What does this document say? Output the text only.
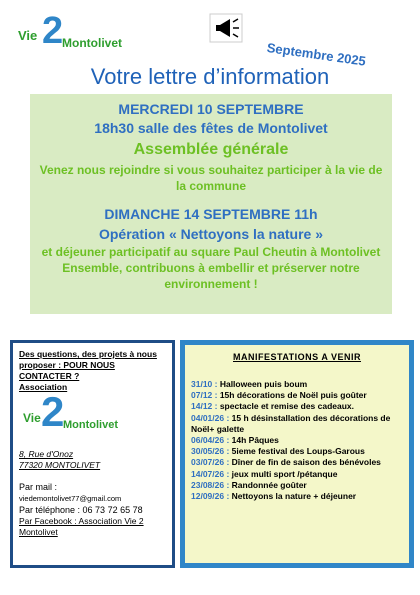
Vie 2
Montolivet	Septembre 2025
Votre lettre d’information
MERCREDI 10 SEPTEMBRE
18h30 salle des fêtes de Montolivet
Assemblée générale
Venez nous rejoindre si vous souhaitez participer à la vie de la commune
DIMANCHE 14 SEPTEMBRE 11h
Opération « Nettoyons la nature »
et déjeuner participatif au square Paul Cheutin à Montolivet Ensemble, contribuons à embellir et préserver notre environnement !
Des questions, des projets à nous proposer : POUR NOUS CONTACTER ?
Association
Vie 2
Montolivet
8, Rue d'Onoz
77320 MONTOLIVET
Par mail :
viedemontolivet77@gmail.com
Par téléphone : 06 73 72 65 78
Par Facebook : Association Vie 2 Montolivet
MANIFESTATIONS A VENIR
31/10 : Halloween puis boum
07/12 : 15h décorations de Noël puis goûter
14/12 : spectacle et remise des cadeaux.
04/01/26 : 15 h désinstallation des décorations de Noël+ galette
06/04/26 : 14h Pâques
30/05/26 : 5ieme festival des Loups-Garous
03/07/26 : Dîner de fin de saison des bénévoles
14/07/26 : jeux multi sport /pétanque
23/08/26 : Randonnée goûter
12/09/26 : Nettoyons la nature + déjeuner
